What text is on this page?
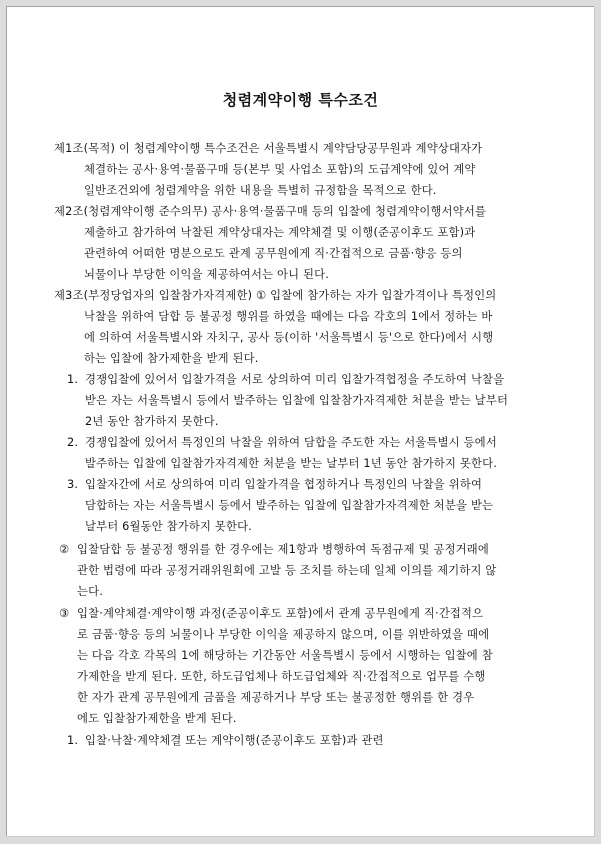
청렴계약이행 특수조건
제1조(목적) 이 청렴계약이행 특수조건은 서울특별시 계약담당공무원과 계약상대자가
체결하는 공사·용역·물품구매 등(본부 및 사업소 포함)의 도급계약에 있어 계약
일반조건외에 청렴계약을 위한 내용을 특별히 규정함을 목적으로 한다.
제2조(청렴계약이행 준수의무) 공사·용역·물품구매 등의 입찰에 청렴계약이행서약서를
제출하고 참가하여 낙찰된 계약상대자는 계약체결 및 이행(준공이후도 포함)과
관련하여 어떠한 명분으로도 관계 공무원에게 직·간접적으로 금품·향응 등의
뇌물이나 부당한 이익을 제공하여서는 아니 된다.
제3조(부정당업자의 입찰참가자격제한) ① 입찰에 참가하는 자가 입찰가격이나 특정인의
낙찰을 위하여 담합 등 불공정 행위를 하였을 때에는 다음 각호의 1에서 정하는 바
에 의하여 서울특별시와 자치구, 공사 등(이하 '서울특별시 등'으로 한다)에서 시행
하는 입찰에 참가제한을 받게 된다.
1. 경쟁입찰에 있어서 입찰가격을 서로 상의하여 미리 입찰가격협정을 주도하여 낙찰을
받은 자는 서울특별시 등에서 발주하는 입찰에 입찰참가자격제한 처분을 받는 날부터
2년 동안 참가하지 못한다.
2. 경쟁입찰에 있어서 특정인의 낙찰을 위하여 담합을 주도한 자는 서울특별시 등에서
발주하는 입찰에 입찰참가자격제한 처분을 받는 날부터 1년 동안 참가하지 못한다.
3. 입찰자간에 서로 상의하여 미리 입찰가격을 협정하거나 특정인의 낙찰을 위하여
담합하는 자는 서울특별시 등에서 발주하는 입찰에 입찰참가자격제한 처분을 받는
날부터 6월동안 참가하지 못한다.
② 입찰담합 등 불공정 행위를 한 경우에는 제1항과 병행하여 독점규제 및 공정거래에
관한 법령에 따라 공정거래위원회에 고발 등 조치를 하는데 일체 이의를 제기하지 않
는다.
③ 입찰·계약체결·계약이행 과정(준공이후도 포함)에서 관계 공무원에게 직·간접적으
로 금품·향응 등의 뇌물이나 부당한 이익을 제공하지 않으며, 이를 위반하였을 때에
는 다음 각호 각목의 1에 해당하는 기간동안 서울특별시 등에서 시행하는 입찰에 참
가제한을 받게 된다. 또한, 하도급업체나 하도급업체와 직·간접적으로 업무를 수행
한 자가 관계 공무원에게 금품을 제공하거나 부당 또는 불공정한 행위를 한 경우
에도 입찰참가제한을 받게 된다.
1. 입찰·낙찰·계약체결 또는 계약이행(준공이후도 포함)과 관련
